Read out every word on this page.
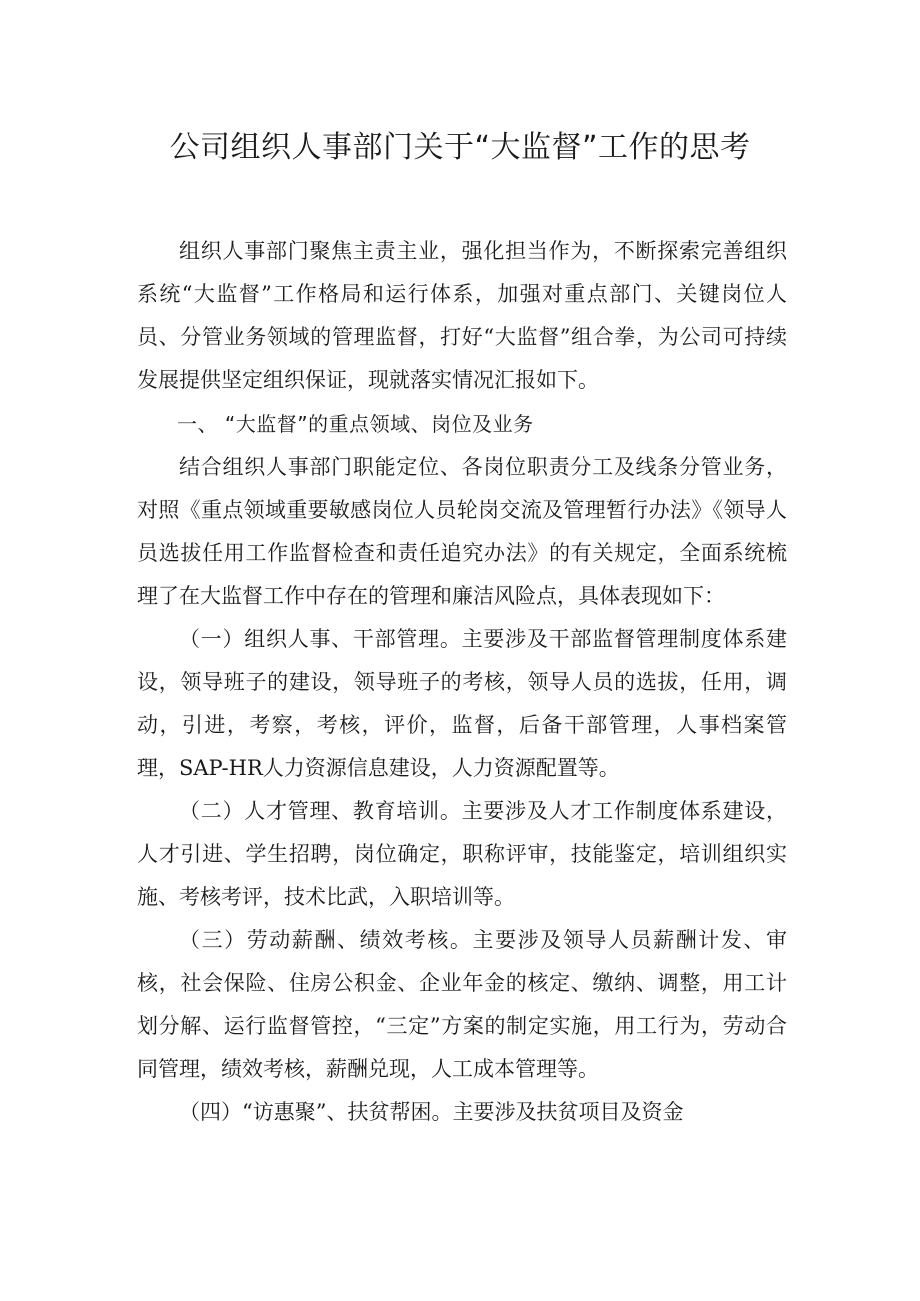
公司组织人事部门关于“大监督”工作的思考

组织人事部门聚焦主责主业，强化担当作为，不断探索完善组织系统“大监督”工作格局和运行体系，加强对重点部门、关键岗位人员、分管业务领域的管理监督，打好“大监督”组合拳，为公司可持续发展提供坚定组织保证，现就落实情况汇报如下。

一、 “大监督”的重点领域、岗位及业务

结合组织人事部门职能定位、各岗位职责分工及线条分管业务，对照《重点领域重要敏感岗位人员轮岗交流及管理暂行办法》《领导人员选拔任用工作监督检查和责任追究办法》的有关规定，全面系统梳理了在大监督工作中存在的管理和廉洁风险点，具体表现如下：

（一）组织人事、干部管理。主要涉及干部监督管理制度体系建设，领导班子的建设，领导班子的考核，领导人员的选拔，任用，调动，引进，考察，考核，评价，监督，后备干部管理，人事档案管理，SAP-HR人力资源信息建设，人力资源配置等。

（二）人才管理、教育培训。主要涉及人才工作制度体系建设，人才引进、学生招聘，岗位确定，职称评审，技能鉴定，培训组织实施、考核考评，技术比武，入职培训等。

（三）劳动薪酬、绩效考核。主要涉及领导人员薪酬计发、审核，社会保险、住房公积金、企业年金的核定、缴纳、调整，用工计划分解、运行监督管控，“三定”方案的制定实施，用工行为，劳动合同管理，绩效考核，薪酬兑现，人工成本管理等。

（四）“访惠聚”、扶贫帮困。主要涉及扶贫项目及资金
